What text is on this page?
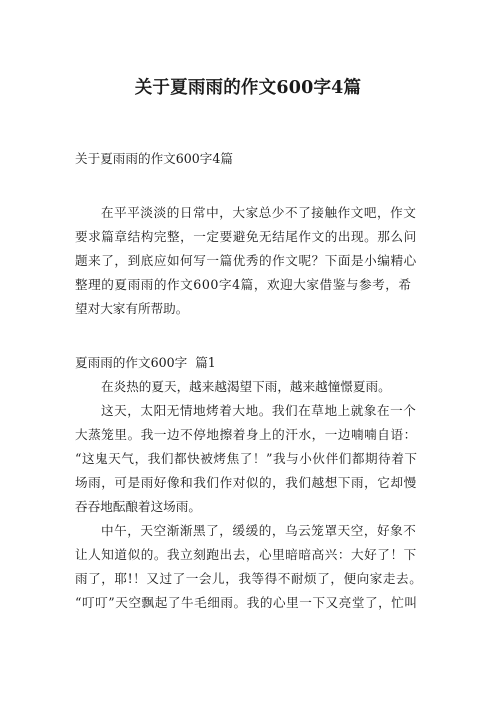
关于夏雨雨的作文600字4篇
关于夏雨雨的作文600字4篇
在平平淡淡的日常中，大家总少不了接触作文吧，作文
要求篇章结构完整，一定要避免无结尾作文的出现。那么问
题来了，到底应如何写一篇优秀的作文呢？下面是小编精心
整理的夏雨雨的作文600字4篇，欢迎大家借鉴与参考，希
望对大家有所帮助。
夏雨雨的作文600字  篇1
在炎热的夏天，越来越渴望下雨，越来越憧憬夏雨。
这天，太阳无情地烤着大地。我们在草地上就象在一个
大蒸笼里。我一边不停地擦着身上的汗水，一边喃喃自语：
“这鬼天气，我们都快被烤焦了！”我与小伙伴们都期待着下
场雨，可是雨好像和我们作对似的，我们越想下雨，它却慢
吞吞地酝酿着这场雨。
中午，天空渐渐黑了，缓缓的，乌云笼罩天空，好象不
让人知道似的。我立刻跑出去，心里暗暗高兴：大好了！下
雨了，耶!！又过了一会儿，我等得不耐烦了，便向家走去。
“叮叮”天空飘起了牛毛细雨。我的心里一下又亮堂了，忙叫
